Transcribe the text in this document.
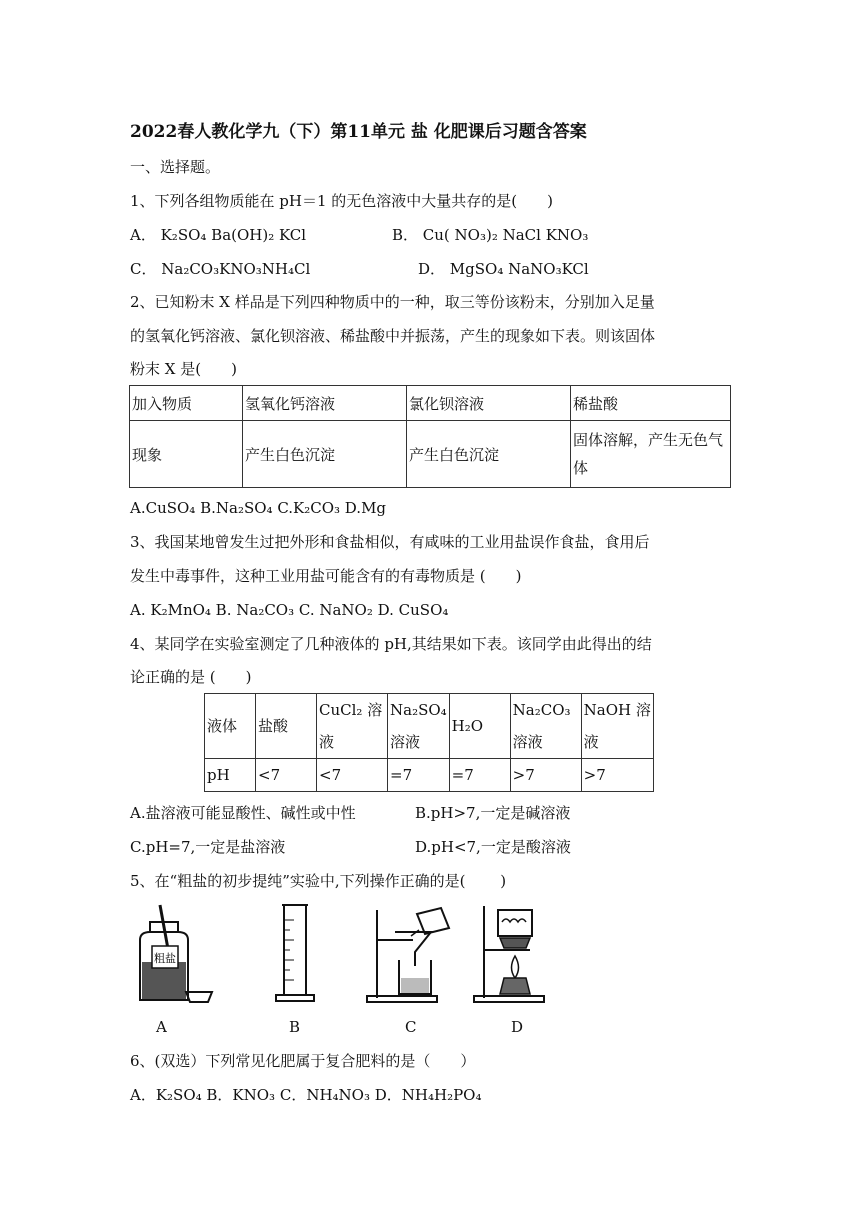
2022春人教化学九（下）第11单元 盐 化肥课后习题含答案
一、选择题。
1、下列各组物质能在 pH＝1 的无色溶液中大量共存的是(　　)
A． K₂SO₄ Ba(OH)₂ KCl	B． Cu( NO₃)₂ NaCl KNO₃
C． Na₂CO₃KNO₃NH₄Cl	D． MgSO₄ NaNO₃KCl
2、已知粉末 X 样品是下列四种物质中的一种，取三等份该粉末，分别加入足量
的氢氧化钙溶液、氯化钡溶液、稀盐酸中并振荡，产生的现象如下表。则该固体
粉末 X 是(　　)
加入物质	氢氧化钙溶液	氯化钡溶液	稀盐酸
现象	产生白色沉淀	产生白色沉淀	固体溶解，产生无色气体
A.CuSO₄ B.Na₂SO₄ C.K₂CO₃ D.Mg
3、我国某地曾发生过把外形和食盐相似，有咸味的工业用盐误作食盐，食用后
发生中毒事件，这种工业用盐可能含有的有毒物质是 (　　)
A. K₂MnO₄ B. Na₂CO₃ C. NaNO₂ D. CuSO₄
4、某同学在实验室测定了几种液体的 pH,其结果如下表。该同学由此得出的结
论正确的是 (　　)
液体	盐酸	CuCl₂ 溶液	Na₂SO₄ 溶液	H₂O	Na₂CO₃ 溶液	NaOH 溶液
pH	<7	<7	=7	=7	>7	>7
A.盐溶液可能显酸性、碱性或中性	B.pH>7,一定是碱溶液
C.pH=7,一定是盐溶液	D.pH<7,一定是酸溶液
5、在“粗盐的初步提纯”实验中,下列操作正确的是(　　 )
粗盐
A	B	C	D
6、(双选）下列常见化肥属于复合肥料的是（　　）
A．K₂SO₄ B．KNO₃ C．NH₄NO₃ D．NH₄H₂PO₄
